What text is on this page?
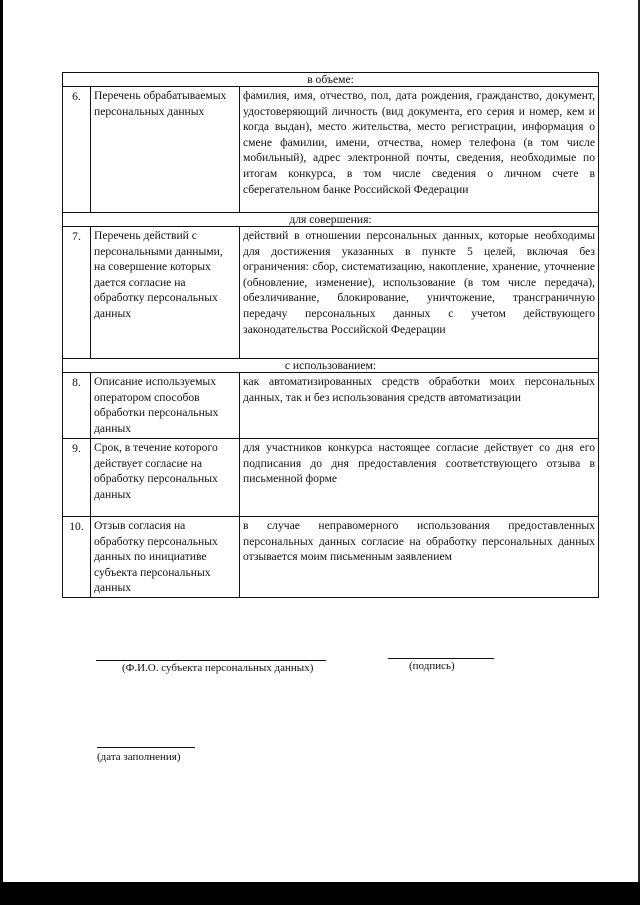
в объеме:		
6.	Перечень обрабатываемых персональных данных	фамилия, имя, отчество, пол, дата рождения, гражданство, документ, удостоверяющий личность (вид документа, его серия и номер, кем и когда выдан), место жительства, место регистрации, информация о смене фамилии, имени, отчества, номер телефона (в том числе мобильный), адрес электронной почты, сведения, необходимые по итогам конкурса, в том числе сведения о личном счете в сберегательном банке Российской Федерации
для совершения:		
7.	Перечень действий с персональными данными, на совершение которых дается согласие на обработку персональных данных	действий в отношении персональных данных, которые необходимы для достижения указанных в пункте 5 целей, включая без ограничения: сбор, систематизацию, накопление, хранение, уточнение (обновление, изменение), использование (в том числе передача), обезличивание, блокирование, уничтожение, трансграничную передачу персональных данных с учетом действующего законодательства Российской Федерации
с использованием:		
8.	Описание используемых оператором способов обработки персональных данных	как автоматизированных средств обработки моих персональных данных, так и без использования средств автоматизации
9.	Срок, в течение которого действует согласие на обработку персональных данных	для участников конкурса настоящее согласие действует со дня его подписания до дня предоставления соответствующего отзыва в письменной форме
10.	Отзыв согласия на обработку персональных данных по инициативе субъекта персональных данных	в случае неправомерного использования предоставленных персональных данных согласие на обработку персональных данных отзывается моим письменным заявлением
(Ф.И.О. субъекта персональных данных)	(подпись)
(дата заполнения)
